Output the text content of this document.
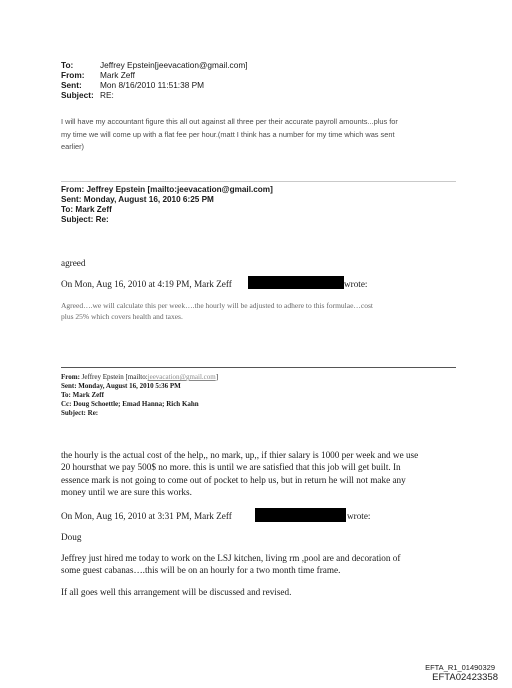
To:	Jeffrey Epstein[jeevacation@gmail.com]
From: Mark Zeff
Sent: Mon 8/16/2010 11:51:38 PM
Subject: RE:
I will have my accountant figure this all out against all three per their accurate payroll amounts...plus for
my time we will come up with a flat fee per hour.(matt I think has a number for my time which was sent
earlier)
From: Jeffrey Epstein [mailto:jeevacation@gmail.com]
Sent: Monday, August 16, 2010 6:25 PM
To: Mark Zeff
Subject: Re:
agreed
On Mon, Aug 16, 2010 at 4:19 PM, Mark Zeff	wrote:
Agreed….we will calculate this per week….the hourly will be adjusted to adhere to this formulae…cost
plus 25% which covers health and taxes.
From: Jeffrey Epstein [mailto:jeevacation@gmail.com]
Sent: Monday, August 16, 2010 5:36 PM
To: Mark Zeff
Cc: Doug Schoettle; Emad Hanna; Rich Kahn
Subject: Re:
the hourly is the actual cost of the help,, no mark, up,, if thier salary is 1000 per week and we use
20 hoursthat we pay 500$ no more. this is until we are satisfied that this job will get built. In
essence mark is not going to come out of pocket to help us, but in return he will not make any
money until we are sure this works.
On Mon, Aug 16, 2010 at 3:31 PM, Mark Zeff	wrote:
Doug
Jeffrey just hired me today to work on the LSJ kitchen, living rm ,pool are and decoration of
some guest cabanas….this will be on an hourly for a two month time frame.
If all goes well this arrangement will be discussed and revised.
EFTA_R1_01490329
EFTA02423358
